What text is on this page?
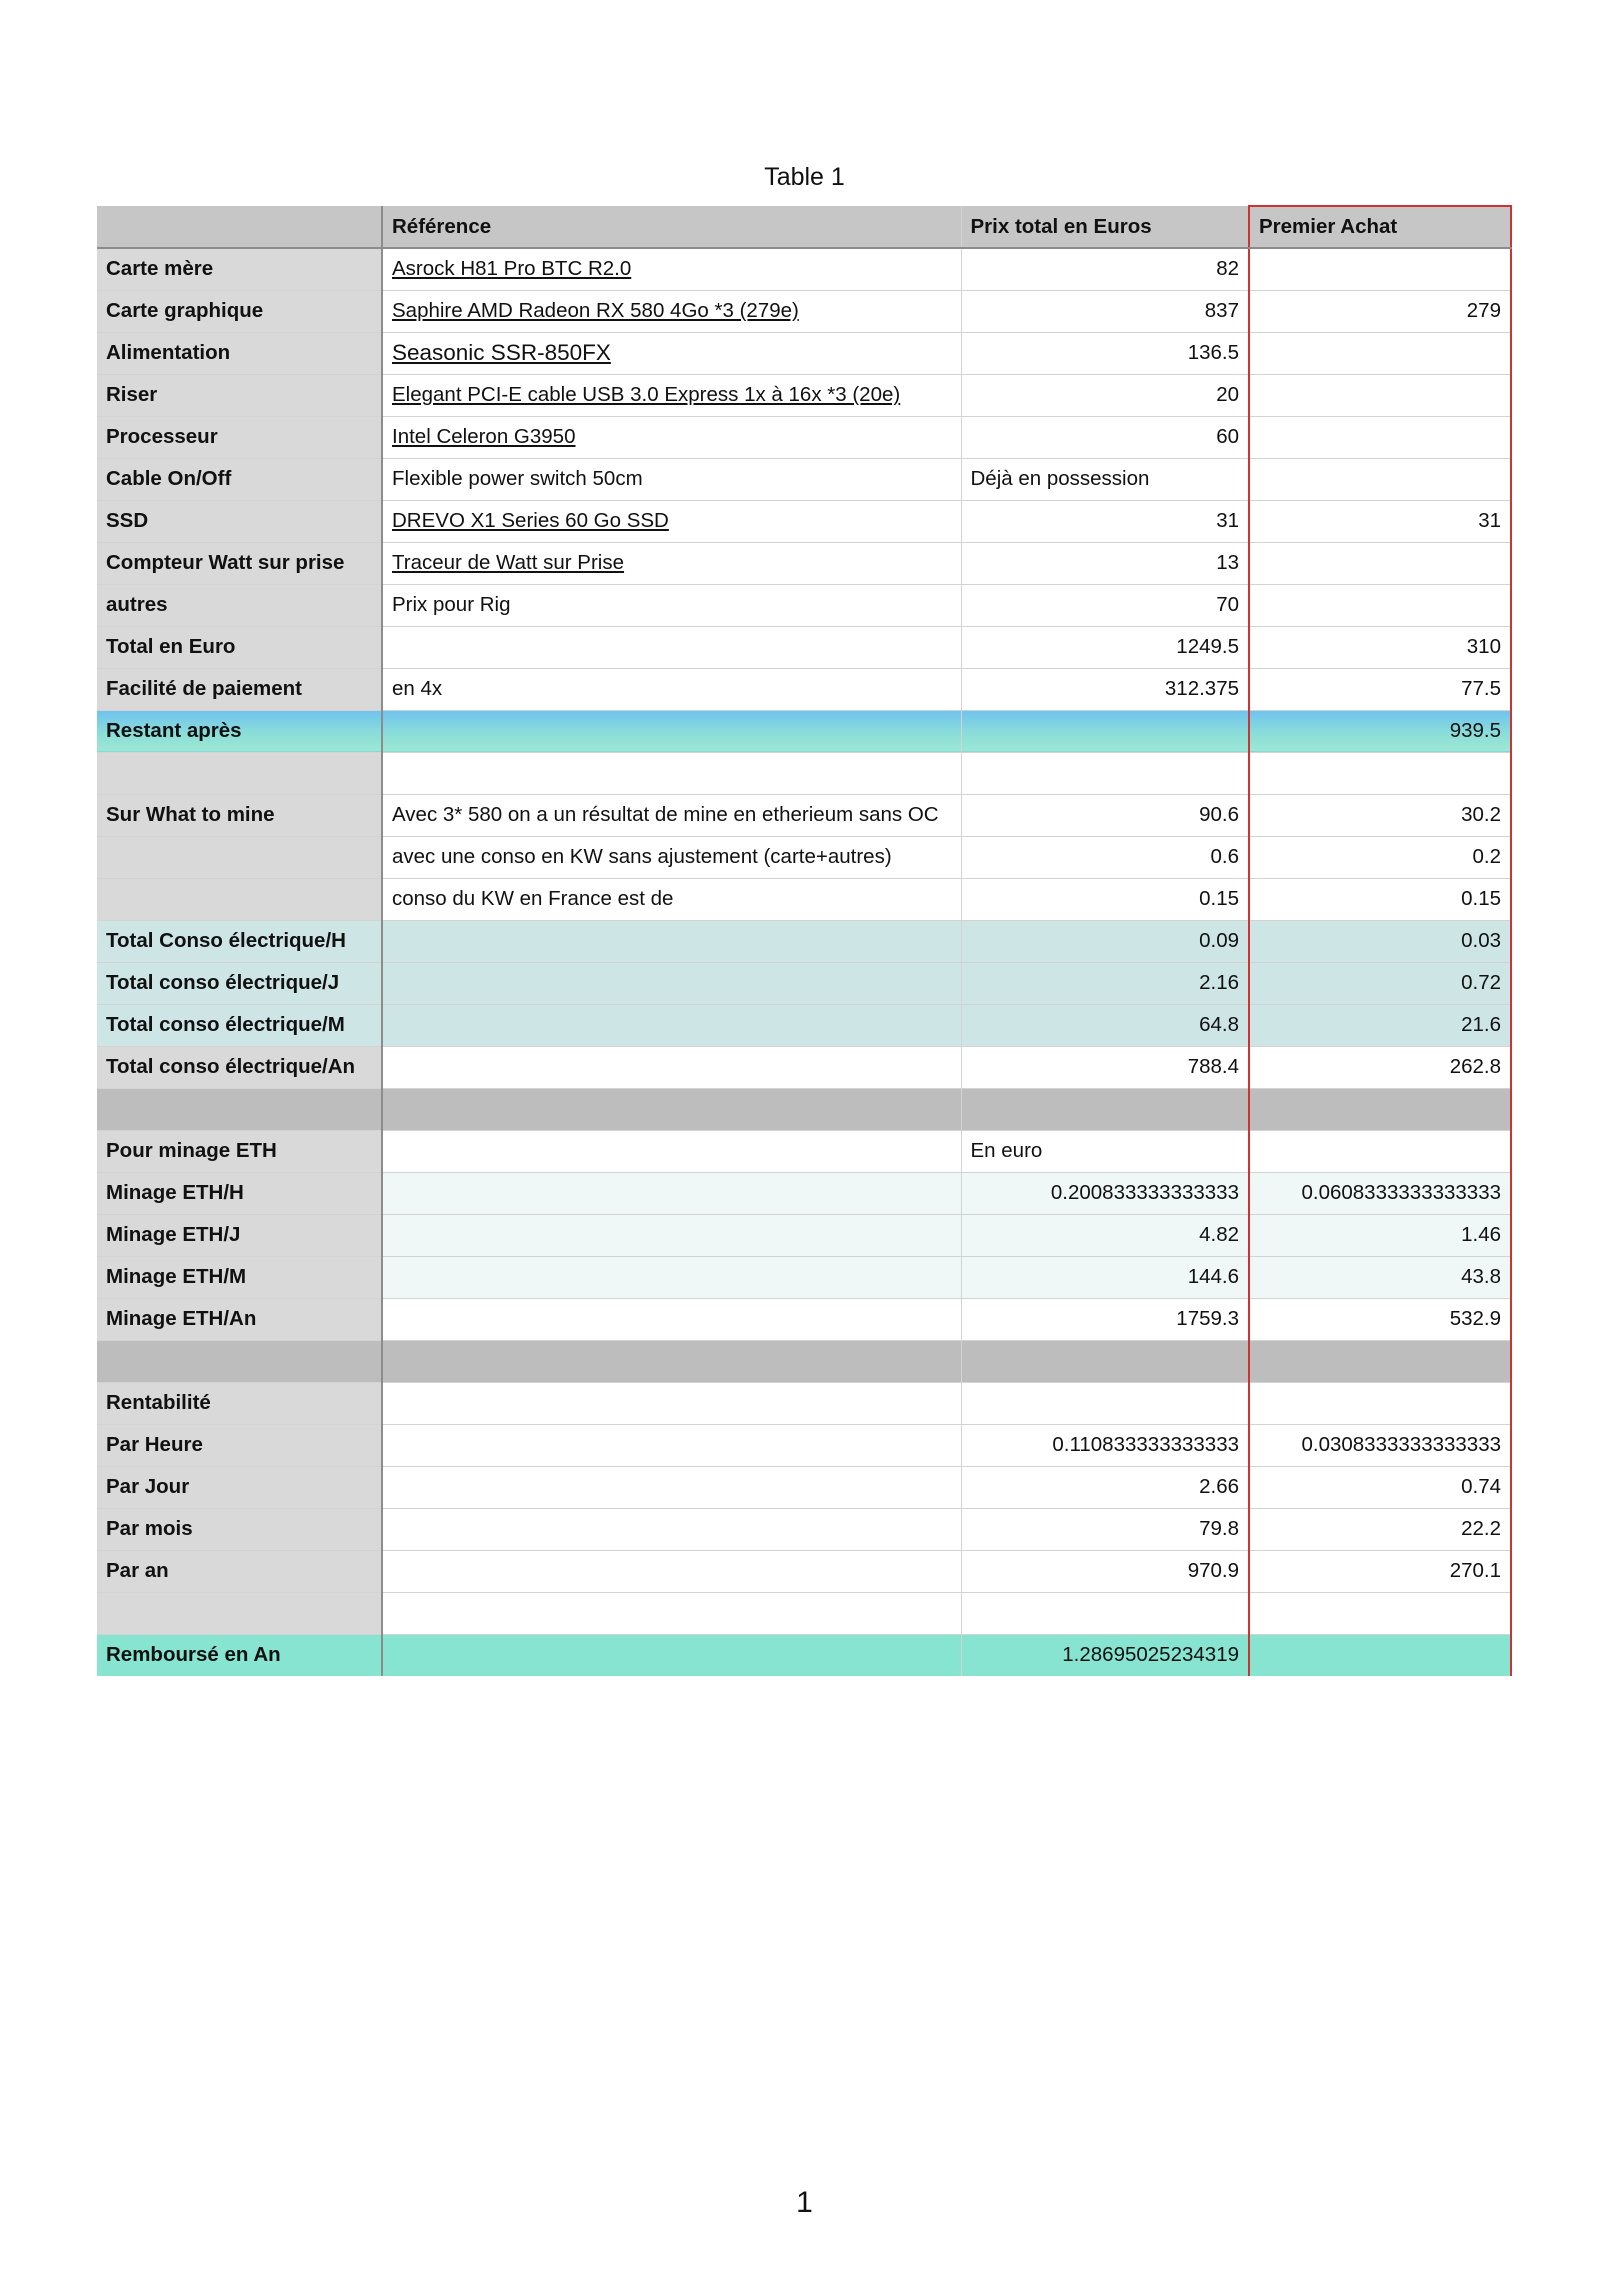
Table 1
	Référence	Prix total en Euros	Premier Achat
Carte mère	Asrock H81 Pro BTC R2.0	82	
Carte graphique	Saphire AMD Radeon RX 580 4Go *3 (279e)	837	279
Alimentation	Seasonic SSR-850FX	136.5	
Riser	Elegant PCI-E cable USB 3.0 Express 1x à 16x *3 (20e)	20	
Processeur	Intel Celeron G3950	60	
Cable On/Off	Flexible power switch 50cm	Déjà en possession	
SSD	DREVO X1 Series 60 Go SSD	31	31
Compteur Watt sur prise	Traceur de Watt sur Prise	13	
autres	Prix pour Rig	70	
Total en Euro		1249.5	310
Facilité de paiement	en 4x	312.375	77.5
Restant après			939.5

Sur What to mine	Avec 3* 580 on a un résultat de mine en etherieum sans OC	90.6	30.2
	avec une conso en KW sans ajustement (carte+autres)	0.6	0.2
	conso du KW en France est de	0.15	0.15
Total Conso électrique/H		0.09	0.03
Total conso électrique/J		2.16	0.72
Total conso électrique/M		64.8	21.6
Total conso électrique/An		788.4	262.8

Pour minage ETH		En euro	
Minage ETH/H		0.200833333333333	0.0608333333333333
Minage ETH/J		4.82	1.46
Minage ETH/M		144.6	43.8
Minage ETH/An		1759.3	532.9

Rentabilité			
Par Heure		0.110833333333333	0.0308333333333333
Par Jour		2.66	0.74
Par mois		79.8	22.2
Par an		970.9	270.1

Remboursé en An		1.28695025234319	
1
